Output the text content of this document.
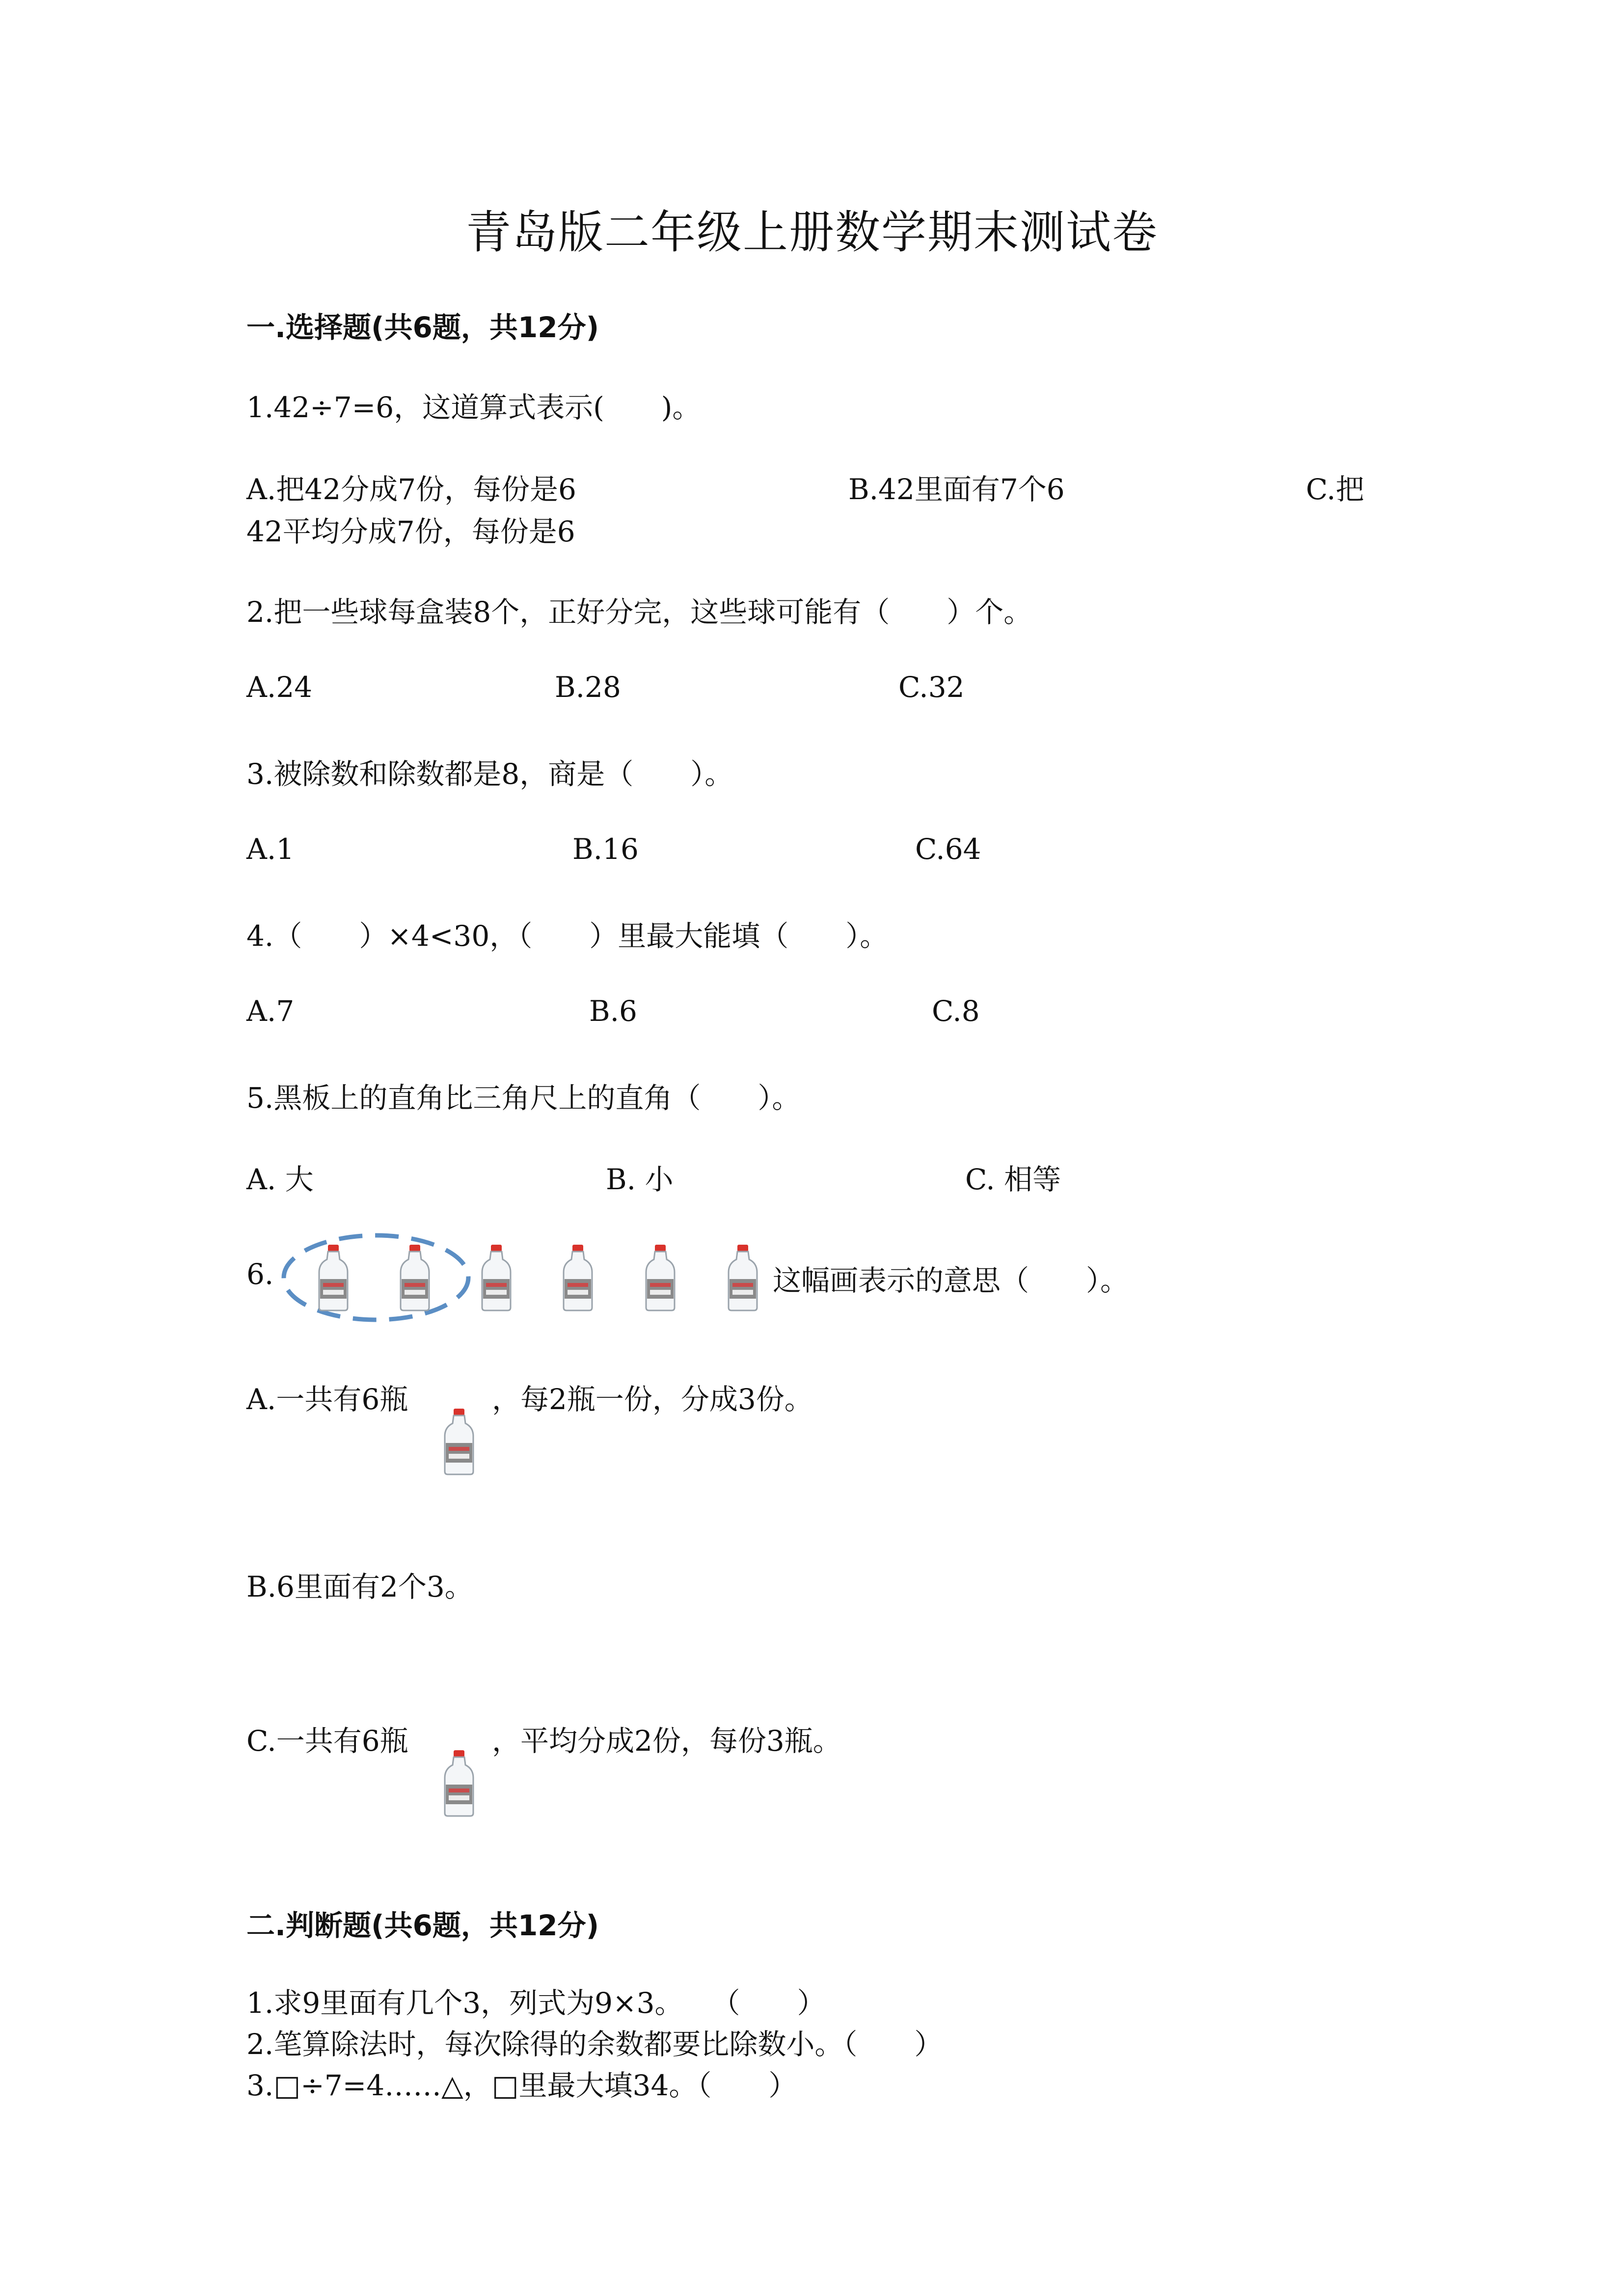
青岛版二年级上册数学期末测试卷
一.选择题(共6题，共12分)
1.42÷7=6，这道算式表示(　　)。
A.把42分成7份，每份是6	B.42里面有7个6	C.把
42平均分成7份，每份是6
2.把一些球每盒装8个，正好分完，这些球可能有（　　）个。
A.24	B.28	C.32
3.被除数和除数都是8，商是（　　）。
A.1	B.16	C.64
4.（　　）×4<30，（　　）里最大能填（　　）。
A.7	B.6	C.8
5.黑板上的直角比三角尺上的直角（　　）。
A. 大	B. 小	C. 相等
6.	这幅画表示的意思（　　）。
A.一共有6瓶	，每2瓶一份，分成3份。
B.6里面有2个3。
C.一共有6瓶	，平均分成2份，每份3瓶。
二.判断题(共6题，共12分)
1.求9里面有几个3，列式为9×3。　　（　　）
2.笔算除法时，每次除得的余数都要比除数小。（　　）
3.□÷7=4……△，□里最大填34。（　　）
